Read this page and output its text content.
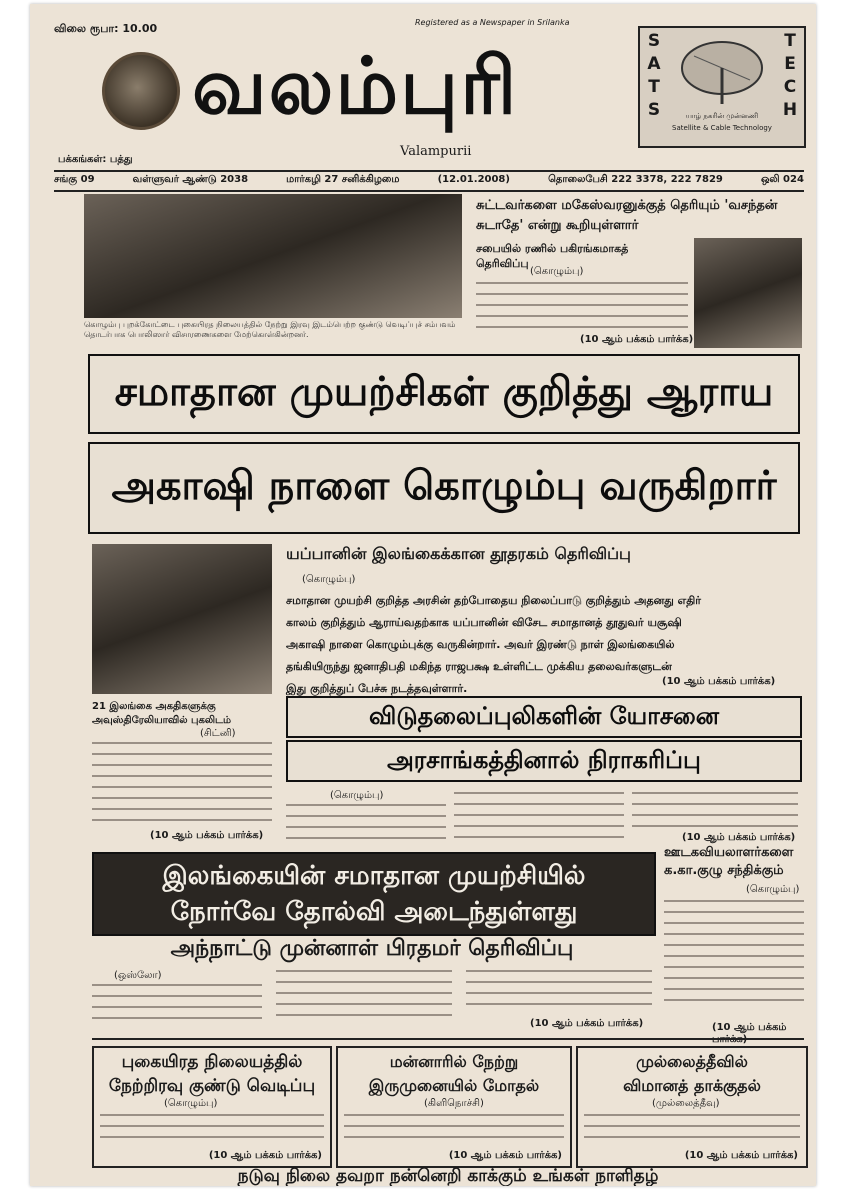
விலை ரூபா: 10.00	Registered as a Newspaper in Srilanka
வலம்புரி
Valampurii
பக்கங்கள்: பத்து
SATS
TECH
யாழ் நகரின் முன்னணி
Satellite & Cable Technology
சங்கு 09	வள்ளுவர் ஆண்டு 2038	மார்கழி 27 சனிக்கிழமை	(12.01.2008)	தொலைபேசி 222 3378, 222 7829	ஒலி 024
கொழும்பு புறக்கோட்டை புகையிரத நிலையத்தில் நேற்று இரவு இடம்பெற்ற குண்டு வெடிப்புச் சம்பவம் தொடர்பாக பொலிஸார் விசாரணைகளை மேற்கொள்கின்றனர்.
சுட்டவர்களை மகேஸ்வரனுக்குத் தெரியும் 'வசந்தன் சுடாதே' என்று கூறியுள்ளார்
சபையில் ரணில் பகிரங்கமாகத் தெரிவிப்பு
(கொழும்பு)
(10 ஆம் பக்கம் பார்க்க)
சமாதான முயற்சிகள் குறித்து ஆராய
அகாஷி நாளை கொழும்பு வருகிறார்
யப்பானின் இலங்கைக்கான தூதரகம் தெரிவிப்பு
(கொழும்பு)
சமாதான முயற்சி குறித்த அரசின் தற்போதைய நிலைப்பாடு குறித்தும் அதனது எதிர்
காலம் குறித்தும் ஆராய்வதற்காக யப்பானின் விசேட சமாதானத் தூதுவர் யசூஷி
அகாஷி நாளை கொழும்புக்கு வருகின்றார். அவர் இரண்டு நாள் இலங்கையில்
தங்கியிருந்து ஜனாதிபதி மகிந்த ராஜபக்ஷ உள்ளிட்ட முக்கிய தலைவர்களுடன்
இது குறித்துப் பேச்சு நடத்தவுள்ளார்.
(10 ஆம் பக்கம் பார்க்க)
21 இலங்கை அகதிகளுக்கு அவுஸ்திரேலியாவில் புகலிடம்
(சிட்னி)
(10 ஆம் பக்கம் பார்க்க)
விடுதலைப்புலிகளின் யோசனை
அரசாங்கத்தினால் நிராகரிப்பு
(கொழும்பு)
(10 ஆம் பக்கம் பார்க்க)
இலங்கையின் சமாதான முயற்சியில்
நோர்வே தோல்வி அடைந்துள்ளது
அந்நாட்டு முன்னாள் பிரதமர் தெரிவிப்பு
(ஒஸ்லோ)
(10 ஆம் பக்கம் பார்க்க)
ஊடகவியலாளர்களை
க.கா.குழு சந்திக்கும்
(கொழும்பு)
(10 ஆம் பக்கம்
புகையிரத நிலையத்தில்
நேற்றிரவு குண்டு வெடிப்பு
(கொழும்பு)
(10 ஆம் பக்கம் பார்க்க)
மன்னாரில் நேற்று
இருமுனையில் மோதல்
(கிளிநொச்சி)
(10 ஆம் பக்கம் பார்க்க)
முல்லைத்தீவில்
விமானத் தாக்குதல்
(முல்லைத்தீவு)
(10 ஆம் பக்கம் பார்க்க)
நடுவு நிலை தவறா நன்னெறி காக்கும் உங்கள் நாளிதழ்
